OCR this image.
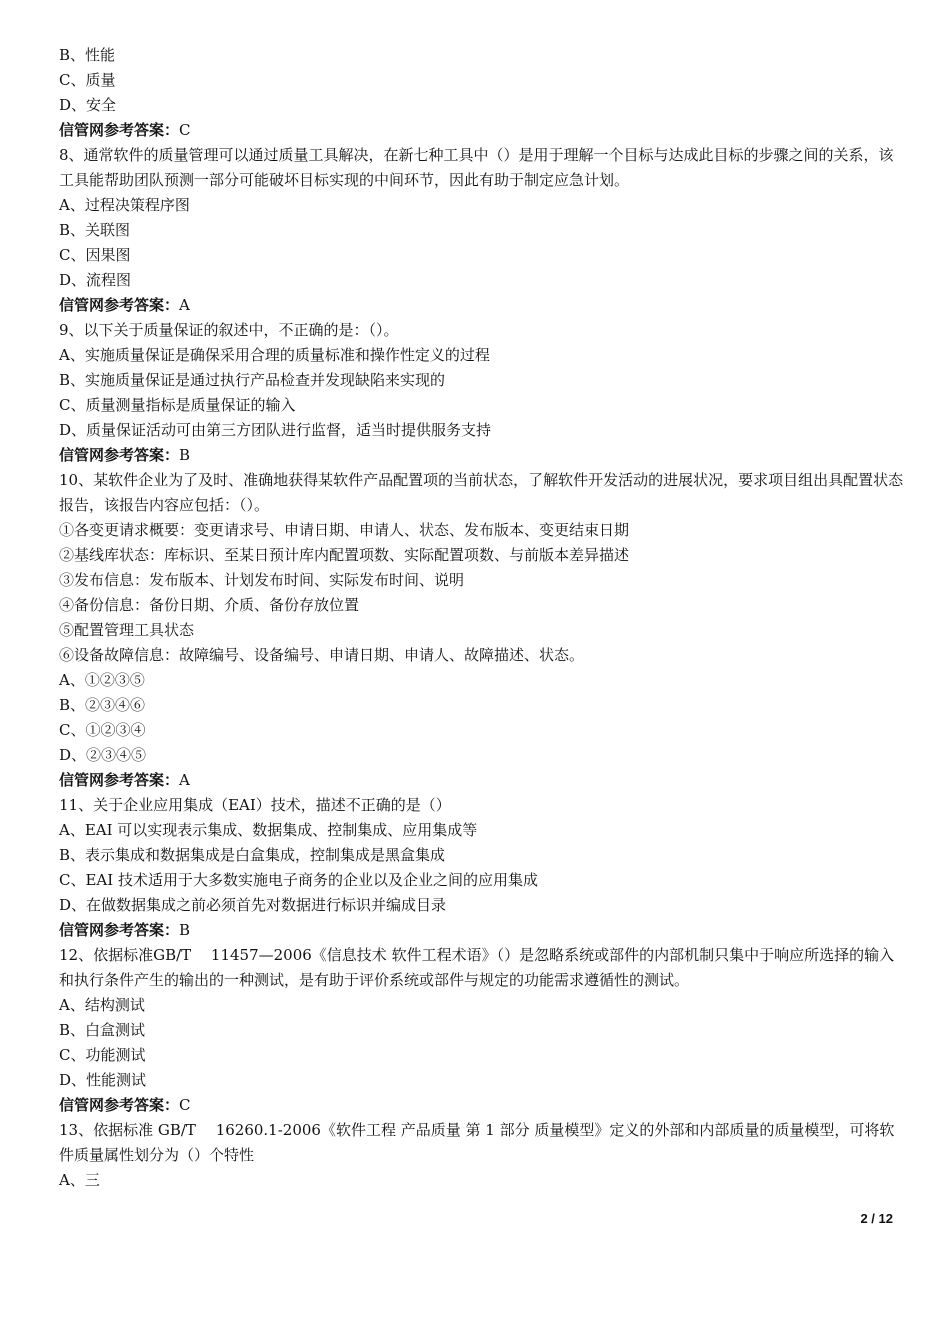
B、性能

C、质量

D、安全

信管网参考答案：C

8、通常软件的质量管理可以通过质量工具解决，在新七种工具中（）是用于理解一个目标与达成此目标的步骤之间的关系，该工具能帮助团队预测一部分可能破坏目标实现的中间环节，因此有助于制定应急计划。

A、过程决策程序图

B、关联图

C、因果图

D、流程图

信管网参考答案：A

9、以下关于质量保证的叙述中，不正确的是：（）。

A、实施质量保证是确保采用合理的质量标准和操作性定义的过程

B、实施质量保证是通过执行产品检查并发现缺陷来实现的

C、质量测量指标是质量保证的输入

D、质量保证活动可由第三方团队进行监督，适当时提供服务支持

信管网参考答案：B

10、某软件企业为了及时、准确地获得某软件产品配置项的当前状态，了解软件开发活动的进展状况，要求项目组出具配置状态报告，该报告内容应包括：（）。

①各变更请求概要：变更请求号、申请日期、申请人、状态、发布版本、变更结束日期

②基线库状态：库标识、至某日预计库内配置项数、实际配置项数、与前版本差异描述

③发布信息：发布版本、计划发布时间、实际发布时间、说明

④备份信息：备份日期、介质、备份存放位置

⑤配置管理工具状态

⑥设备故障信息：故障编号、设备编号、申请日期、申请人、故障描述、状态。

A、①②③⑤

B、②③④⑥

C、①②③④

D、②③④⑤

信管网参考答案：A

11、关于企业应用集成（EAI）技术，描述不正确的是（）

A、EAI 可以实现表示集成、数据集成、控制集成、应用集成等

B、表示集成和数据集成是白盒集成，控制集成是黑盒集成

C、EAI 技术适用于大多数实施电子商务的企业以及企业之间的应用集成

D、在做数据集成之前必须首先对数据进行标识并编成目录

信管网参考答案：B

12、依据标准GB/T　 11457—2006《信息技术 软件工程术语》（）是忽略系统或部件的内部机制只集中于响应所选择的输入和执行条件产生的输出的一种测试，是有助于评价系统或部件与规定的功能需求遵循性的测试。

A、结构测试

B、白盒测试

C、功能测试

D、性能测试

信管网参考答案：C

13、依据标准 GB/T　 16260.1-2006《软件工程 产品质量 第 1 部分 质量模型》定义的外部和内部质量的质量模型，可将软件质量属性划分为（）个特性

A、三

2 / 12
